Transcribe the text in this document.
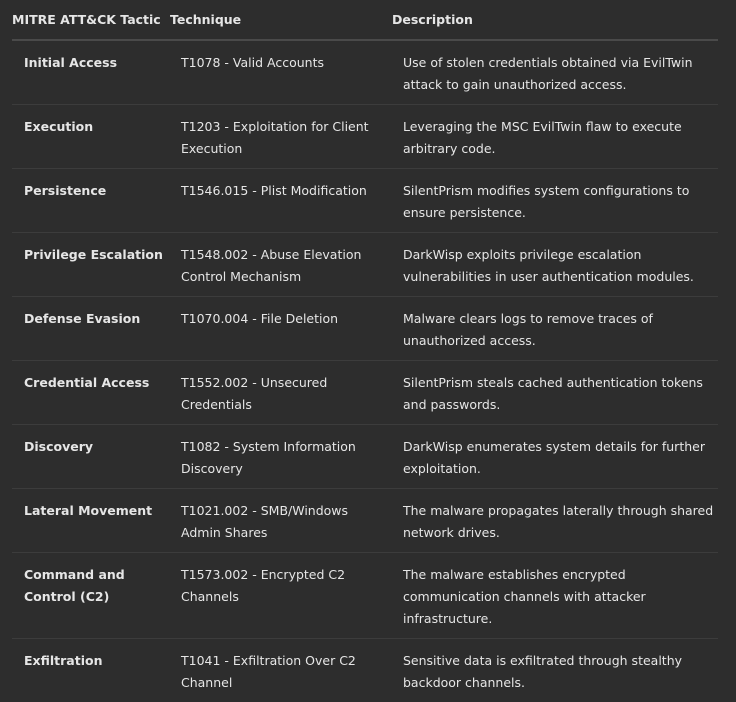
MITRE ATT&CK Tactic	Technique	Description
Initial Access	T1078 - Valid Accounts	Use of stolen credentials obtained via EvilTwin attack to gain unauthorized access.
Execution	T1203 - Exploitation for Client Execution	Leveraging the MSC EvilTwin flaw to execute arbitrary code.
Persistence	T1546.015 - Plist Modification	SilentPrism modifies system configurations to ensure persistence.
Privilege Escalation	T1548.002 - Abuse Elevation Control Mechanism	DarkWisp exploits privilege escalation vulnerabilities in user authentication modules.
Defense Evasion	T1070.004 - File Deletion	Malware clears logs to remove traces of unauthorized access.
Credential Access	T1552.002 - Unsecured Credentials	SilentPrism steals cached authentication tokens and passwords.
Discovery	T1082 - System Information Discovery	DarkWisp enumerates system details for further exploitation.
Lateral Movement	T1021.002 - SMB/Windows Admin Shares	The malware propagates laterally through shared network drives.
Command and Control (C2)	T1573.002 - Encrypted C2 Channels	The malware establishes encrypted communication channels with attacker infrastructure.
Exfiltration	T1041 - Exfiltration Over C2 Channel	Sensitive data is exfiltrated through stealthy backdoor channels.
